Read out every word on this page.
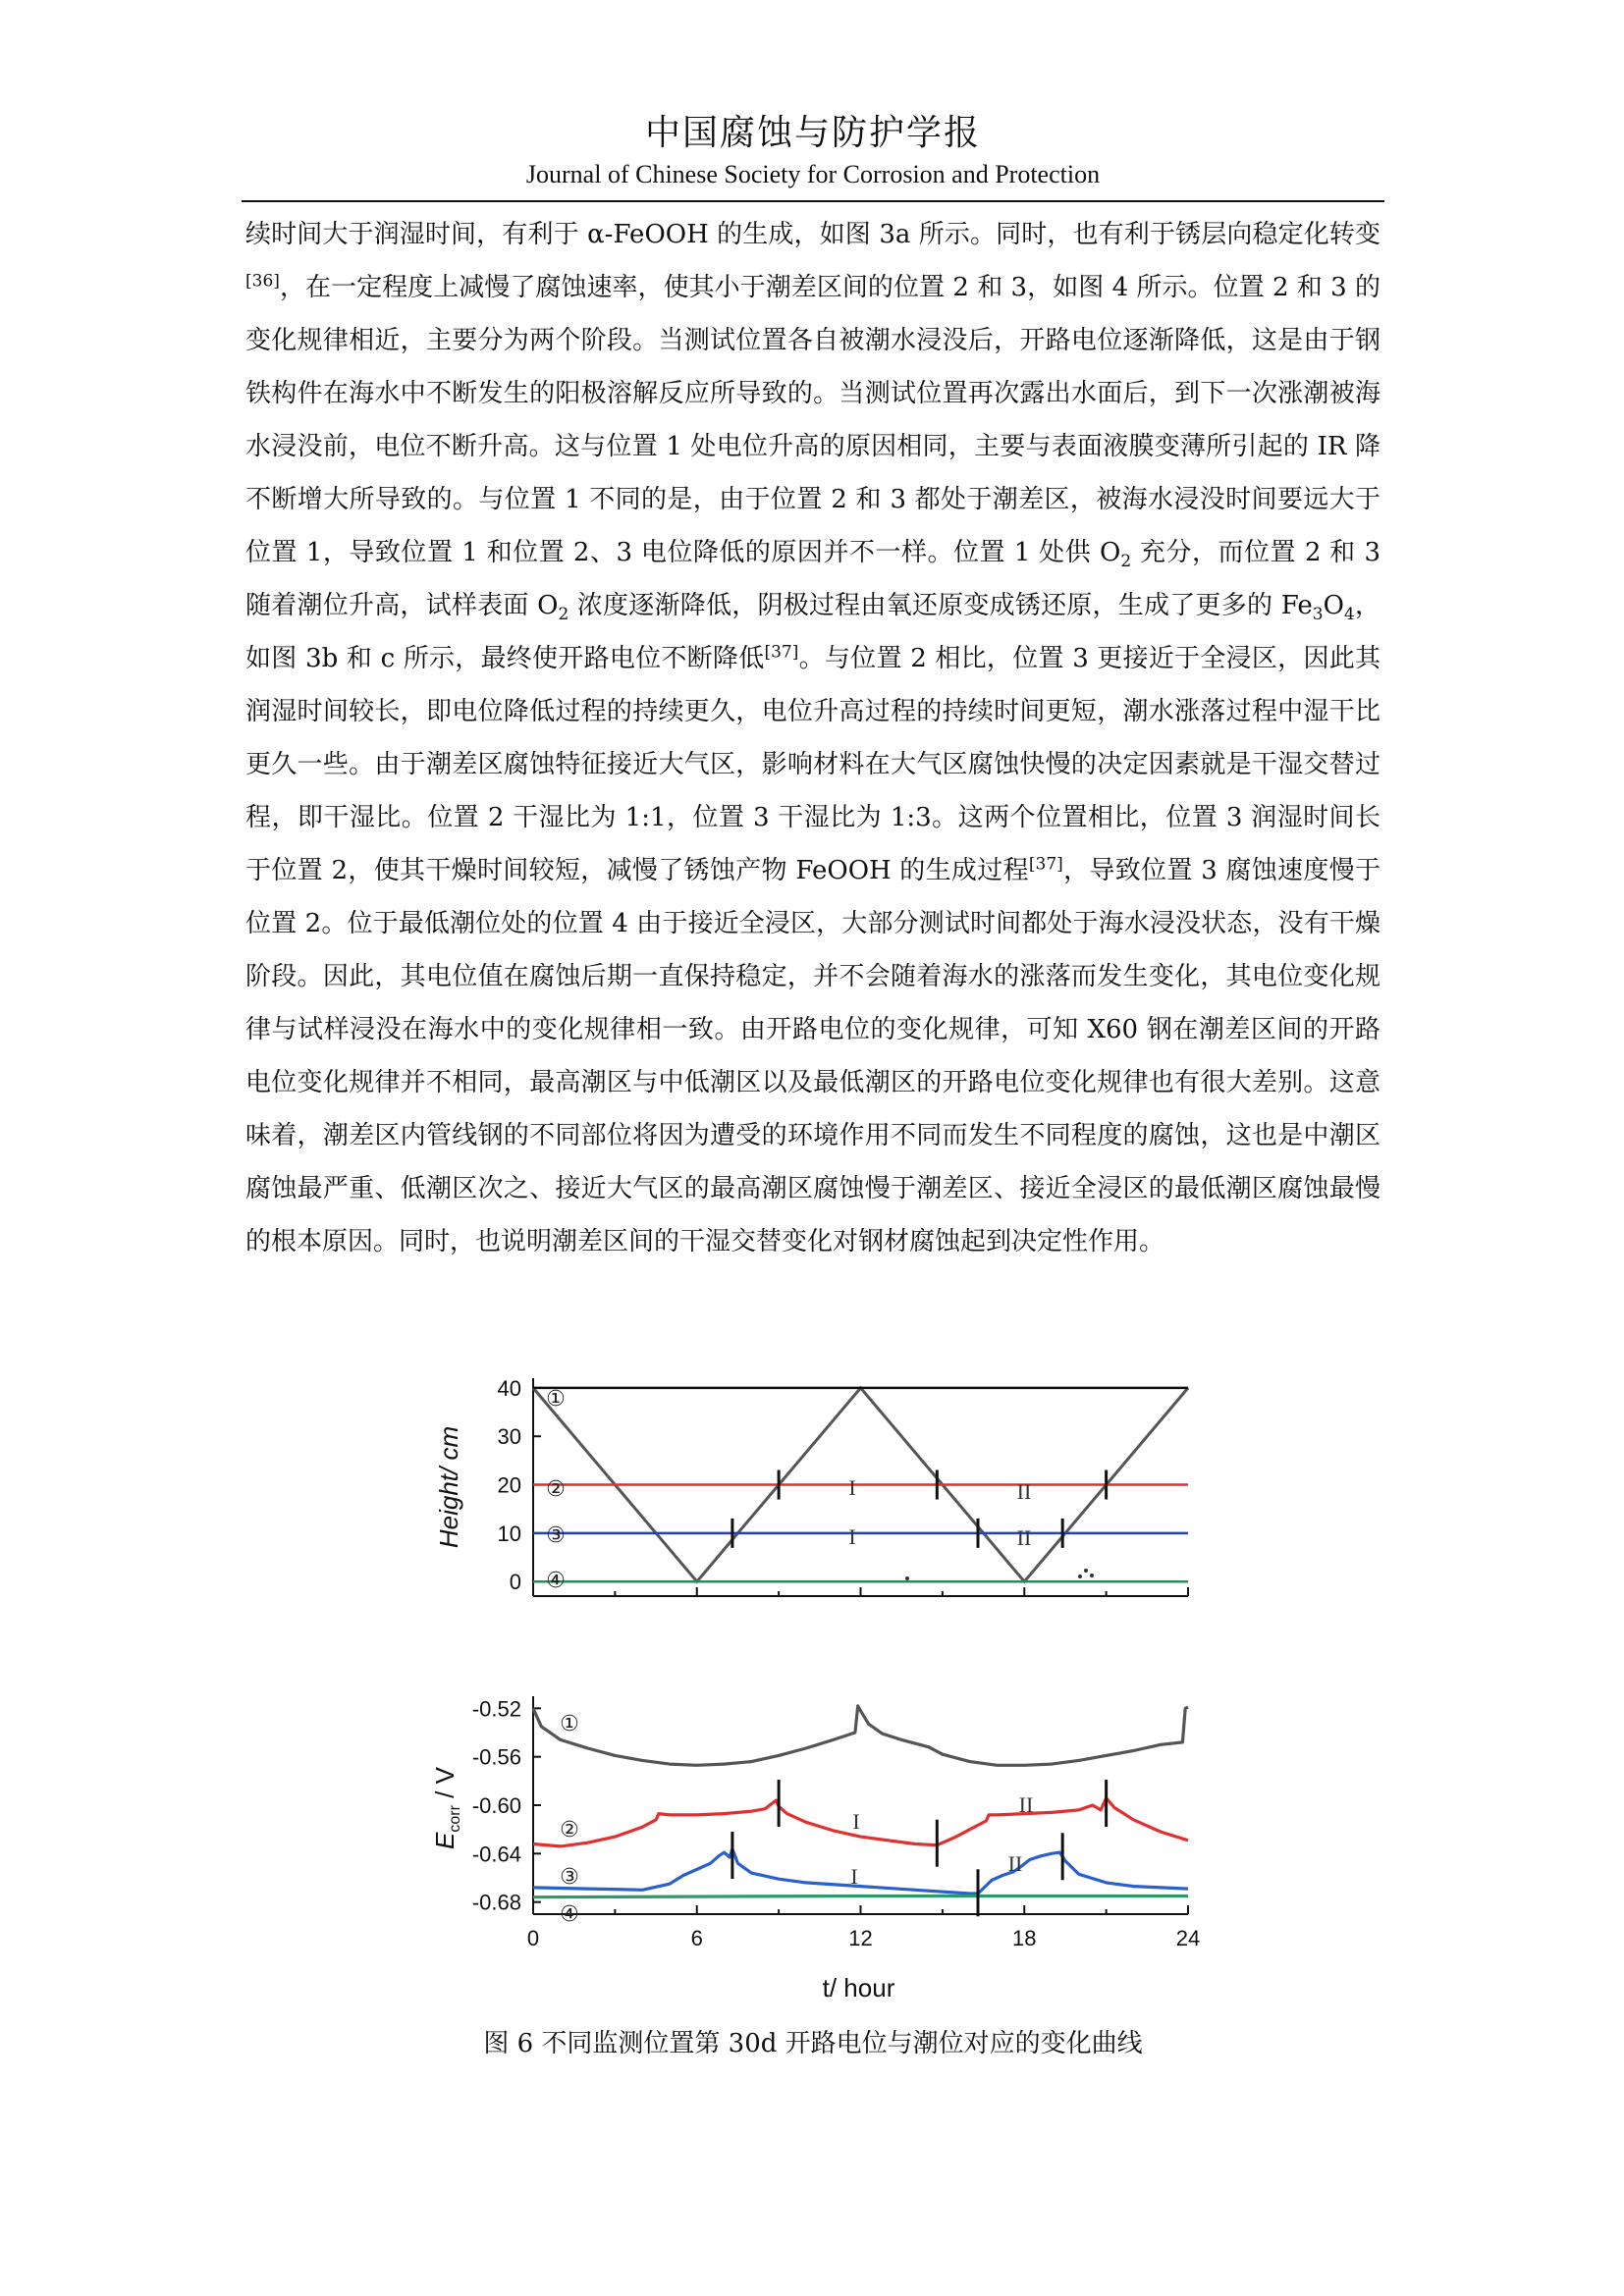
中国腐蚀与防护学报
Journal of Chinese Society for Corrosion and Protection

续时间大于润湿时间，有利于 α-FeOOH 的生成，如图 3a 所示。同时，也有利于锈层向稳定化转变[36]，在一定程度上减慢了腐蚀速率，使其小于潮差区间的位置 2 和 3，如图 4 所示。位置 2 和 3 的变化规律相近，主要分为两个阶段。当测试位置各自被潮水浸没后，开路电位逐渐降低，这是由于钢铁构件在海水中不断发生的阳极溶解反应所导致的。当测试位置再次露出水面后，到下一次涨潮被海水浸没前，电位不断升高。这与位置 1 处电位升高的原因相同，主要与表面液膜变薄所引起的 IR 降不断增大所导致的。与位置 1 不同的是，由于位置 2 和 3 都处于潮差区，被海水浸没时间要远大于位置 1，导致位置 1 和位置 2、3 电位降低的原因并不一样。位置 1 处供 $O_2$ 充分，而位置 2 和 3 随着潮位升高，试样表面 $O_2$ 浓度逐渐降低，阴极过程由氧还原变成锈还原，生成了更多的 $Fe_3O_4$，如图 3b 和 c 所示，最终使开路电位不断降低[37]。与位置 2 相比，位置 3 更接近于全浸区，因此其润湿时间较长，即电位降低过程的持续更久，电位升高过程的持续时间更短，潮水涨落过程中湿干比更久一些。由于潮差区腐蚀特征接近大气区，影响材料在大气区腐蚀快慢的决定因素就是干湿交替过程，即干湿比。位置 2 干湿比为 1:1，位置 3 干湿比为 1:3。这两个位置相比，位置 3 润湿时间长于位置 2，使其干燥时间较短，减慢了锈蚀产物 FeOOH 的生成过程[37]，导致位置 3 腐蚀速度慢于位置 2。位于最低潮位处的位置 4 由于接近全浸区，大部分测试时间都处于海水浸没状态，没有干燥阶段。因此，其电位值在腐蚀后期一直保持稳定，并不会随着海水的涨落而发生变化，其电位变化规律与试样浸没在海水中的变化规律相一致。由开路电位的变化规律，可知 X60 钢在潮差区间的开路电位变化规律并不相同，最高潮区与中低潮区以及最低潮区的开路电位变化规律也有很大差别。这意味着，潮差区内管线钢的不同部位将因为遭受的环境作用不同而发生不同程度的腐蚀，这也是中潮区腐蚀最严重、低潮区次之、接近大气区的最高潮区腐蚀慢于潮差区、接近全浸区的最低潮区腐蚀最慢的根本原因。同时，也说明潮差区间的干湿交替变化对钢材腐蚀起到决定性作用。

0
10
20
30
40
Height/ cm
①
②
③
④
I
I
II
II
-0.52
-0.56
-0.60
-0.64
-0.68
0	6	12	18	24
t/ hour
$E_{corr}$ / V
①
②
③
④
I
I
II
II
图 6 不同监测位置第 30d 开路电位与潮位对应的变化曲线
